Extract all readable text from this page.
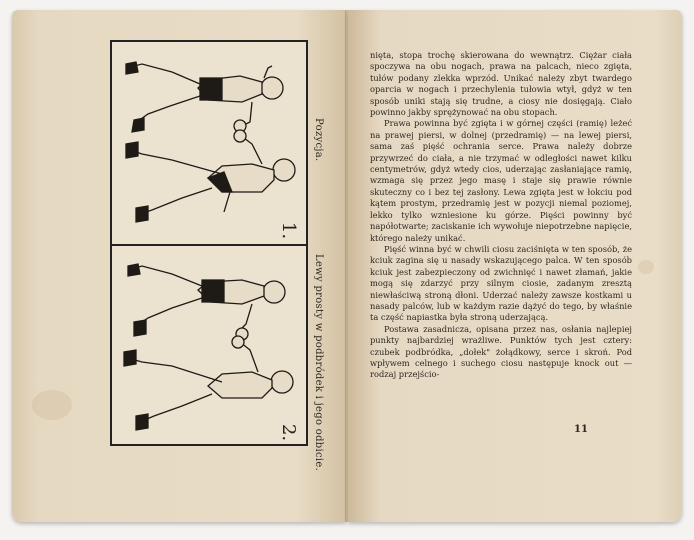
1.
2.
Pozycja.
Lewy prosty w podbródek i jego odbicie.

nięta, stopa trochę skierowana do wewnątrz. Ciężar ciała spoczywa na obu nogach, prawa na palcach, nieco zgięta, tułów podany zlekka wprzód. Unikać należy zbyt twardego oparcia w nogach i przechylenia tułowia wtył, gdyż w ten sposób uniki stają się trudne, a ciosy nie dosięgają. Ciało powinno jakby sprężynować na obu stopach.

Prawa powinna być zgięta i w górnej części (ramię) leżeć na prawej piersi, w dolnej (przedramię) — na lewej piersi, sama zaś pięść ochrania serce. Prawa należy dobrze przywrzeć do ciała, a nie trzymać w odległości nawet kilku centymetrów, gdyż wtedy cios, uderzając zasłaniające ramię, wzmaga się przez jego masę i staje się prawie równie skuteczny co i bez tej zasłony. Lewa zgięta jest w łokciu pod kątem prostym, przedramię jest w pozycji niemal poziomej, lekko tylko wzniesione ku górze. Pięści powinny być napółotwarte; zaciskanie ich wywołuje niepotrzebne napięcie, którego należy unikać.

Pięść winna być w chwili ciosu zaciśnięta w ten sposób, że kciuk zagina się u nasady wskazującego palca. W ten sposób kciuk jest zabezpieczony od zwichnięć i nawet złamań, jakie mogą się zdarzyć przy silnym ciosie, zadanym zresztą niewłaściwą stroną dłoni. Uderzać należy zawsze kostkami u nasady palców, lub w każdym razie dążyć do tego, by właśnie ta część napiastka była stroną uderzającą.

Postawa zasadnicza, opisana przez nas, osłania najlepiej punkty najbardziej wrażliwe. Punktów tych jest cztery: czubek podbródka, „dołek" żołądkowy, serce i skroń. Pod wpływem celnego i suchego ciosu następuje knock out — rodzaj przejścio-

11
